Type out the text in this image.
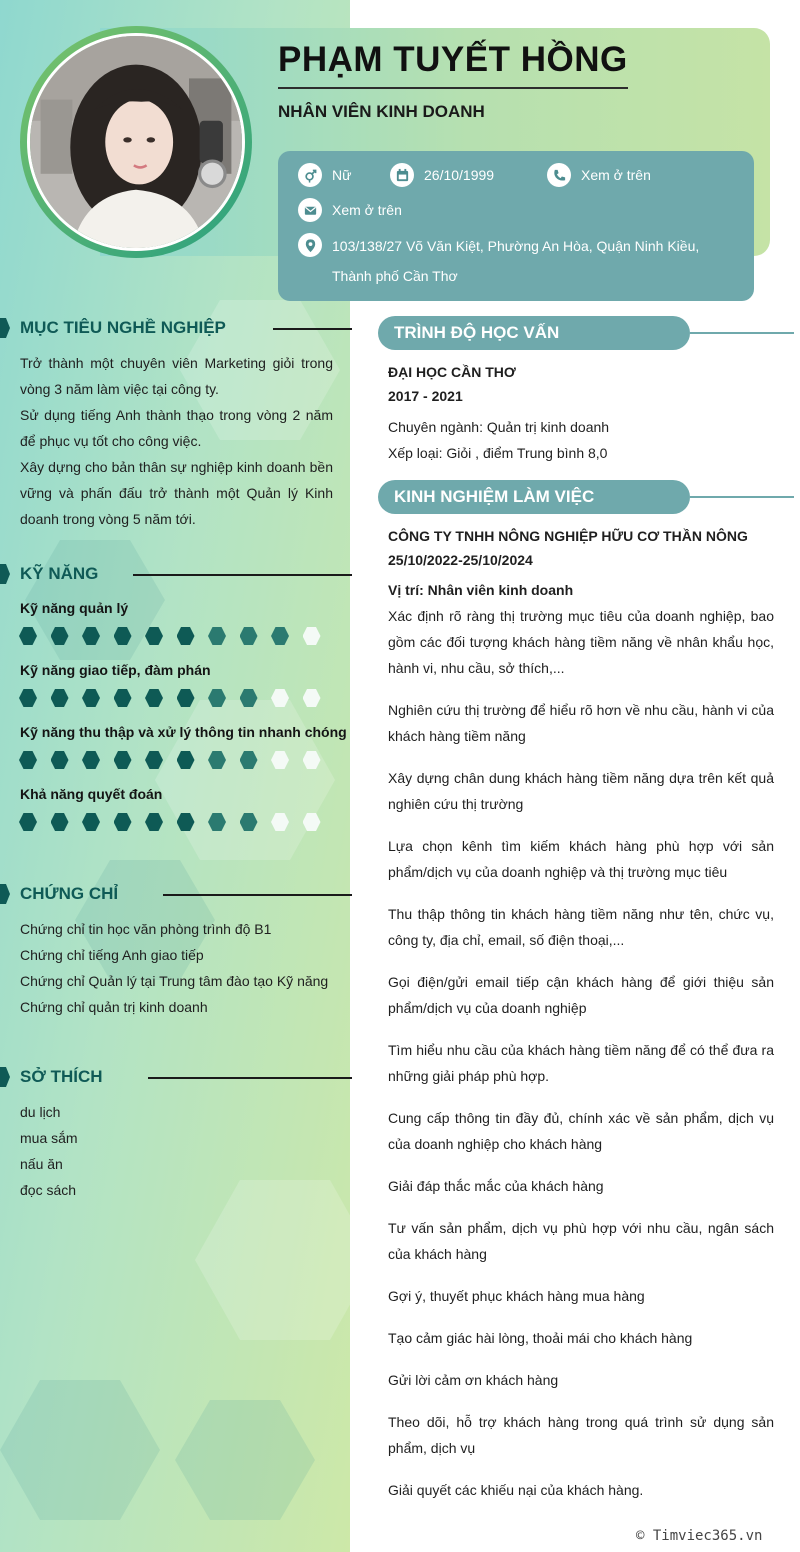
PHẠM TUYẾT HỒNG
NHÂN VIÊN KINH DOANH
Nữ	26/10/1999	Xem ở trên
Xem ở trên
103/138/27 Võ Văn Kiệt, Phường An Hòa, Quận Ninh Kiều, Thành phố Cần Thơ
MỤC TIÊU NGHỀ NGHIỆP
Trở thành một chuyên viên Marketing giỏi trong vòng 3 năm làm việc tại công ty.
Sử dụng tiếng Anh thành thạo trong vòng 2 năm để phục vụ tốt cho công việc.
Xây dựng cho bản thân sự nghiệp kinh doanh bền vững và phấn đấu trở thành một Quản lý Kinh doanh trong vòng 5 năm tới.
KỸ NĂNG
Kỹ năng quản lý
Kỹ năng giao tiếp, đàm phán
Kỹ năng thu thập và xử lý thông tin nhanh chóng
Khả năng quyết đoán
CHỨNG CHỈ
Chứng chỉ tin học văn phòng trình độ B1
Chứng chỉ tiếng Anh giao tiếp
Chứng chỉ Quản lý tại Trung tâm đào tạo Kỹ năng
Chứng chỉ quản trị kinh doanh
SỞ THÍCH
du lịch
mua sắm
nấu ăn
đọc sách
TRÌNH ĐỘ HỌC VẤN
ĐẠI HỌC CẦN THƠ
2017 - 2021
Chuyên ngành: Quản trị kinh doanh
Xếp loại: Giỏi , điểm Trung bình 8,0
KINH NGHIỆM LÀM VIỆC
CÔNG TY TNHH NÔNG NGHIỆP HỮU CƠ THẦN NÔNG
25/10/2022-25/10/2024
Vị trí: Nhân viên kinh doanh
Xác định rõ ràng thị trường mục tiêu của doanh nghiệp, bao gồm các đối tượng khách hàng tiềm năng về nhân khẩu học, hành vi, nhu cầu, sở thích,...
Nghiên cứu thị trường để hiểu rõ hơn về nhu cầu, hành vi của khách hàng tiềm năng
Xây dựng chân dung khách hàng tiềm năng dựa trên kết quả nghiên cứu thị trường
Lựa chọn kênh tìm kiếm khách hàng phù hợp với sản phẩm/dịch vụ của doanh nghiệp và thị trường mục tiêu
Thu thập thông tin khách hàng tiềm năng như tên, chức vụ, công ty, địa chỉ, email, số điện thoại,...
Gọi điện/gửi email tiếp cận khách hàng để giới thiệu sản phẩm/dịch vụ của doanh nghiệp
Tìm hiểu nhu cầu của khách hàng tiềm năng để có thể đưa ra những giải pháp phù hợp.
Cung cấp thông tin đầy đủ, chính xác về sản phẩm, dịch vụ của doanh nghiệp cho khách hàng
Giải đáp thắc mắc của khách hàng
Tư vấn sản phẩm, dịch vụ phù hợp với nhu cầu, ngân sách của khách hàng
Gợi ý, thuyết phục khách hàng mua hàng
Tạo cảm giác hài lòng, thoải mái cho khách hàng
Gửi lời cảm ơn khách hàng
Theo dõi, hỗ trợ khách hàng trong quá trình sử dụng sản phẩm, dịch vụ
Giải quyết các khiếu nại của khách hàng.
© Timviec365.vn
